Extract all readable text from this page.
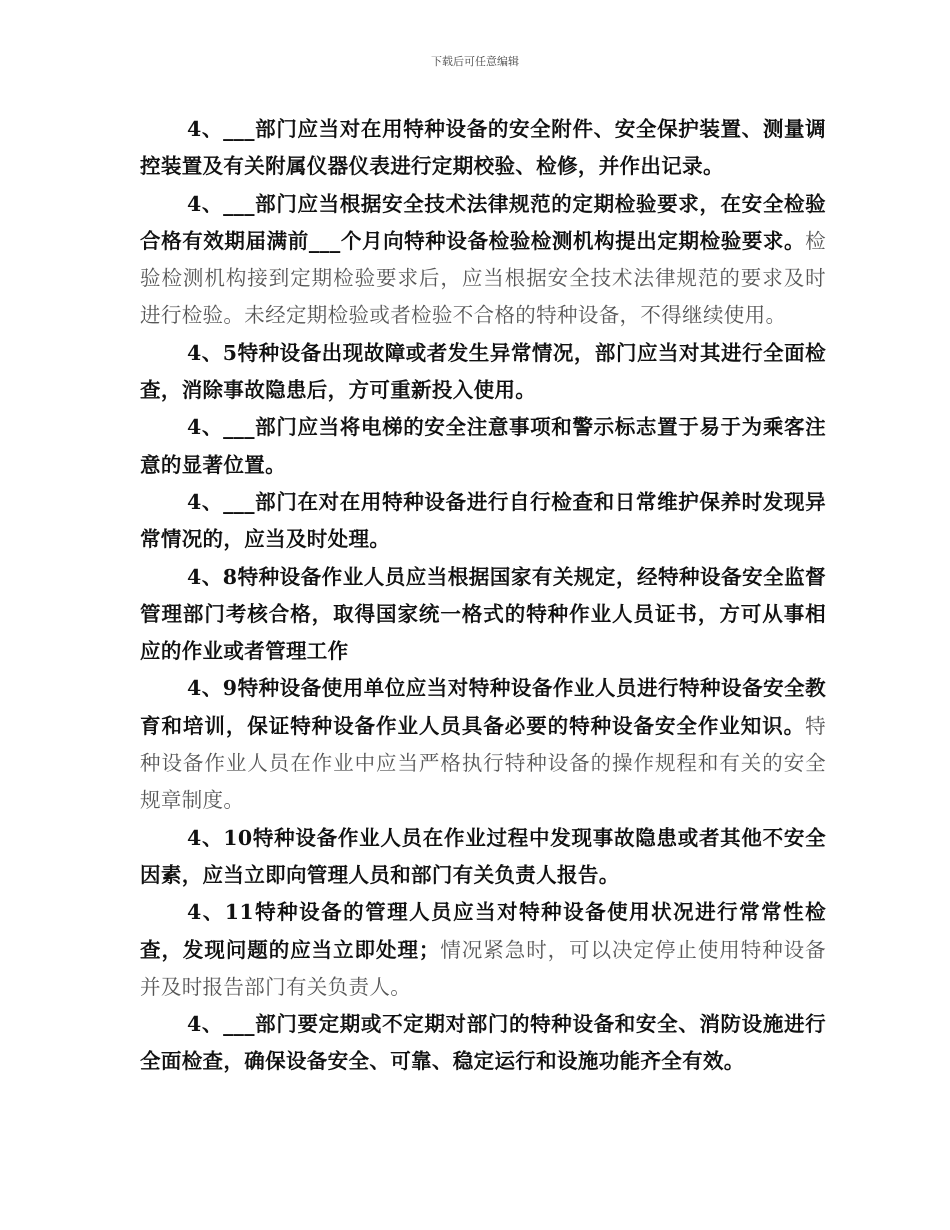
下载后可任意编辑

4、___部门应当对在用特种设备的安全附件、安全保护装置、测量调控装置及有关附属仪器仪表进行定期校验、检修，并作出记录。

4、___部门应当根据安全技术法律规范的定期检验要求，在安全检验合格有效期届满前___个月向特种设备检验检测机构提出定期检验要求。检验检测机构接到定期检验要求后，应当根据安全技术法律规范的要求及时进行检验。未经定期检验或者检验不合格的特种设备，不得继续使用。

4、5特种设备出现故障或者发生异常情况，部门应当对其进行全面检查，消除事故隐患后，方可重新投入使用。

4、___部门应当将电梯的安全注意事项和警示标志置于易于为乘客注意的显著位置。

4、___部门在对在用特种设备进行自行检查和日常维护保养时发现异常情况的，应当及时处理。

4、8特种设备作业人员应当根据国家有关规定，经特种设备安全监督管理部门考核合格，取得国家统一格式的特种作业人员证书，方可从事相应的作业或者管理工作

4、9特种设备使用单位应当对特种设备作业人员进行特种设备安全教育和培训，保证特种设备作业人员具备必要的特种设备安全作业知识。特种设备作业人员在作业中应当严格执行特种设备的操作规程和有关的安全规章制度。

4、10特种设备作业人员在作业过程中发现事故隐患或者其他不安全因素，应当立即向管理人员和部门有关负责人报告。

4、11特种设备的管理人员应当对特种设备使用状况进行常常性检查，发现问题的应当立即处理；情况紧急时，可以决定停止使用特种设备并及时报告部门有关负责人。

4、___部门要定期或不定期对部门的特种设备和安全、消防设施进行全面检查，确保设备安全、可靠、稳定运行和设施功能齐全有效。
